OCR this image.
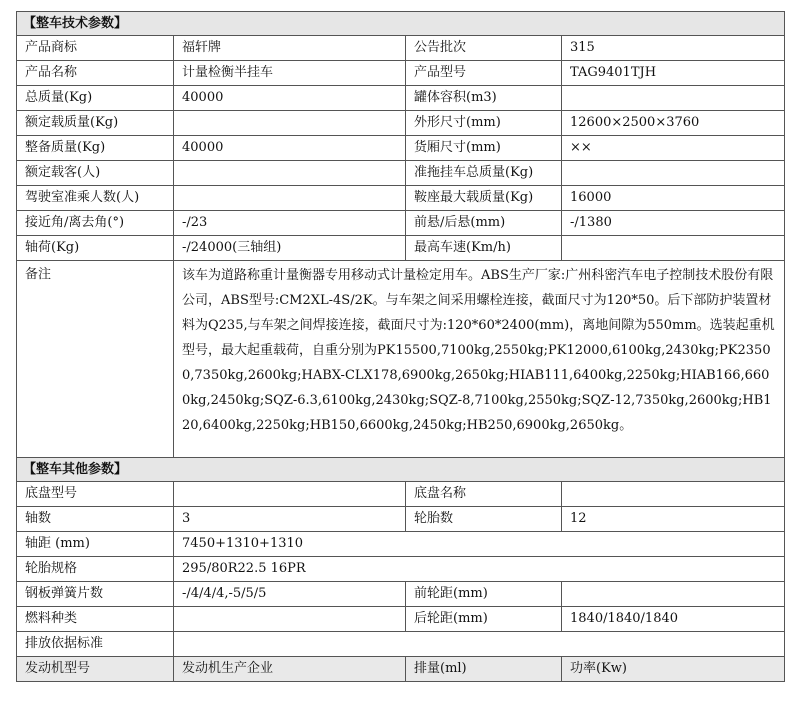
【整车技术参数】			
产品商标	福轩牌	公告批次	315
产品名称	计量检衡半挂车	产品型号	TAG9401TJH
总质量(Kg)	40000	罐体容积(m3)	
额定载质量(Kg)		外形尺寸(mm)	12600×2500×3760
整备质量(Kg)	40000	货厢尺寸(mm)	××
额定载客(人)		准拖挂车总质量(Kg)	
驾驶室准乘人数(人)		鞍座最大载质量(Kg)	16000
接近角/离去角(°)	-/23	前悬/后悬(mm)	-/1380
轴荷(Kg)	-/24000(三轴组)	最高车速(Km/h)	
备注	该车为道路称重计量衡器专用移动式计量检定用车。ABS生产厂家:广州科密汽车电子控制技术股份有限公司，ABS型号:CM2XL-4S/2K。与车架之间采用螺栓连接，截面尺寸为120*50。后下部防护装置材料为Q235,与车架之间焊接连接，截面尺寸为:120*60*2400(mm)，离地间隙为550mm。选装起重机型号，最大起重载荷，自重分别为PK15500,7100kg,2550kg;PK12000,6100kg,2430kg;PK23500,7350kg,2600kg;HABX-CLX178,6900kg,2650kg;HIAB111,6400kg,2250kg;HIAB166,6600kg,2450kg;SQZ-6.3,6100kg,2430kg;SQZ-8,7100kg,2550kg;SQZ-12,7350kg,2600kg;HB120,6400kg,2250kg;HB150,6600kg,2450kg;HB250,6900kg,2650kg。		
【整车其他参数】			
底盘型号		底盘名称	
轴数	3	轮胎数	12
轴距 (mm)	7450+1310+1310		
轮胎规格	295/80R22.5 16PR		
钢板弹簧片数	-/4/4/4,-5/5/5	前轮距(mm)	
燃料种类		后轮距(mm)	1840/1840/1840
排放依据标准			
发动机型号	发动机生产企业	排量(ml)	功率(Kw)
